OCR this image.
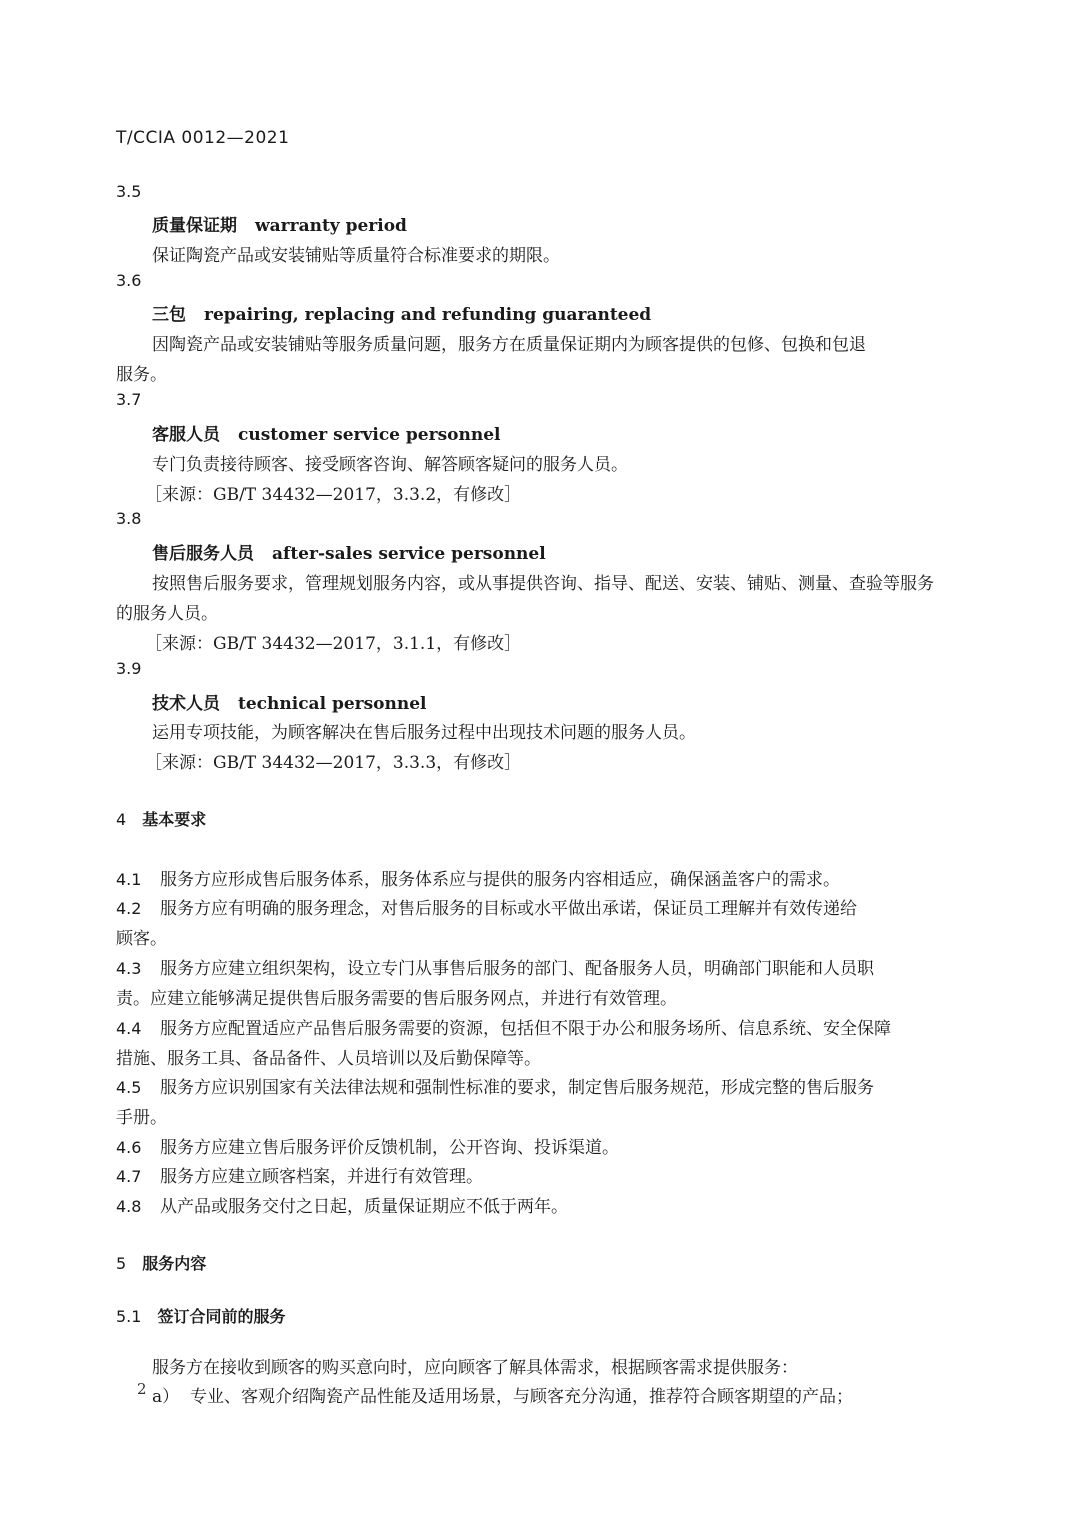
T/CCIA 0012—2021
3.5
质量保证期 warranty period
保证陶瓷产品或安装铺贴等质量符合标准要求的期限。
3.6
三包 repairing, replacing and refunding guaranteed
因陶瓷产品或安装铺贴等服务质量问题，服务方在质量保证期内为顾客提供的包修、包换和包退
服务。
3.7
客服人员 customer service personnel
专门负责接待顾客、接受顾客咨询、解答顾客疑问的服务人员。
［来源：GB/T 34432—2017，3.3.2，有修改］
3.8
售后服务人员 after-sales service personnel
按照售后服务要求，管理规划服务内容，或从事提供咨询、指导、配送、安装、铺贴、测量、查验等服务
的服务人员。
［来源：GB/T 34432—2017，3.1.1，有修改］
3.9
技术人员 technical personnel
运用专项技能，为顾客解决在售后服务过程中出现技术问题的服务人员。
［来源：GB/T 34432—2017，3.3.3，有修改］
4 基本要求
4.1 服务方应形成售后服务体系，服务体系应与提供的服务内容相适应，确保涵盖客户的需求。
4.2 服务方应有明确的服务理念，对售后服务的目标或水平做出承诺，保证员工理解并有效传递给
顾客。
4.3 服务方应建立组织架构，设立专门从事售后服务的部门、配备服务人员，明确部门职能和人员职
责。应建立能够满足提供售后服务需要的售后服务网点，并进行有效管理。
4.4 服务方应配置适应产品售后服务需要的资源，包括但不限于办公和服务场所、信息系统、安全保障
措施、服务工具、备品备件、人员培训以及后勤保障等。
4.5 服务方应识别国家有关法律法规和强制性标准的要求，制定售后服务规范，形成完整的售后服务
手册。
4.6 服务方应建立售后服务评价反馈机制，公开咨询、投诉渠道。
4.7 服务方应建立顾客档案，并进行有效管理。
4.8 从产品或服务交付之日起，质量保证期应不低于两年。
5 服务内容
5.1 签订合同前的服务
服务方在接收到顾客的购买意向时，应向顾客了解具体需求，根据顾客需求提供服务：
a） 专业、客观介绍陶瓷产品性能及适用场景，与顾客充分沟通，推荐符合顾客期望的产品；
2
